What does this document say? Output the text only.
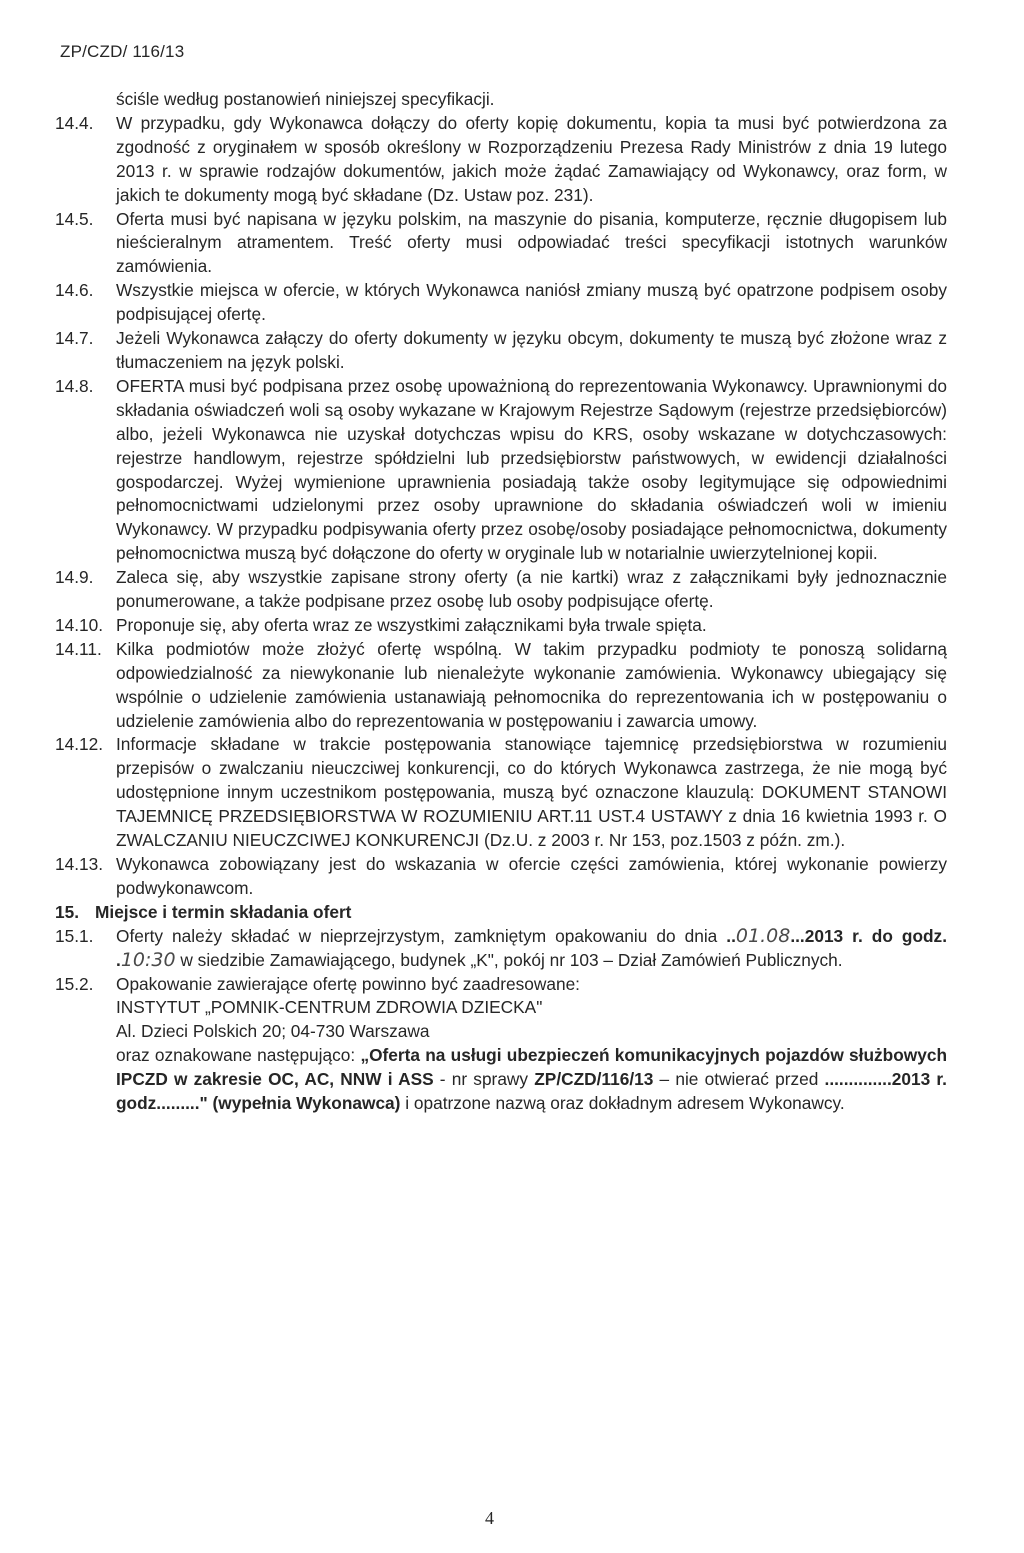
ZP/CZD/ 116/13
ściśle według postanowień niniejszej specyfikacji.
14.4.	W przypadku, gdy Wykonawca dołączy do oferty kopię dokumentu, kopia ta musi być potwierdzona za zgodność z oryginałem w sposób określony w Rozporządzeniu Prezesa Rady Ministrów z dnia 19 lutego 2013 r. w sprawie rodzajów dokumentów, jakich może żądać Zamawiający od Wykonawcy, oraz form, w jakich te dokumenty mogą być składane (Dz. Ustaw poz. 231).
14.5.	Oferta musi być napisana w języku polskim, na maszynie do pisania, komputerze, ręcznie długopisem lub nieścieralnym atramentem. Treść oferty musi odpowiadać treści specyfikacji istotnych warunków zamówienia.
14.6.	Wszystkie miejsca w ofercie, w których Wykonawca naniósł zmiany muszą być opatrzone podpisem osoby podpisującej ofertę.
14.7.	Jeżeli Wykonawca załączy do oferty dokumenty w języku obcym, dokumenty te muszą być złożone wraz z tłumaczeniem na język polski.
14.8.	OFERTA musi być podpisana przez osobę upoważnioną do reprezentowania Wykonawcy. Uprawnionymi do składania oświadczeń woli są osoby wykazane w Krajowym Rejestrze Sądowym (rejestrze przedsiębiorców) albo, jeżeli Wykonawca nie uzyskał dotychczas wpisu do KRS, osoby wskazane w dotychczasowych: rejestrze handlowym, rejestrze spółdzielni lub przedsiębiorstw państwowych, w ewidencji działalności gospodarczej. Wyżej wymienione uprawnienia posiadają także osoby legitymujące się odpowiednimi pełnomocnictwami udzielonymi przez osoby uprawnione do składania oświadczeń woli w imieniu Wykonawcy. W przypadku podpisywania oferty przez osobę/osoby posiadające pełnomocnictwa, dokumenty pełnomocnictwa muszą być dołączone do oferty w oryginale lub w notarialnie uwierzytelnionej kopii.
14.9.	Zaleca się, aby wszystkie zapisane strony oferty (a nie kartki) wraz z załącznikami były jednoznacznie ponumerowane, a także podpisane przez osobę lub osoby podpisujące ofertę.
14.10. Proponuje się, aby oferta wraz ze wszystkimi załącznikami była trwale spięta.
14.11. Kilka podmiotów może złożyć ofertę wspólną. W takim przypadku podmioty te ponoszą solidarną odpowiedzialność za niewykonanie lub nienależyte wykonanie zamówienia. Wykonawcy ubiegający się wspólnie o udzielenie zamówienia ustanawiają pełnomocnika do reprezentowania ich w postępowaniu o udzielenie zamówienia albo do reprezentowania w postępowaniu i zawarcia umowy.
14.12. Informacje składane w trakcie postępowania stanowiące tajemnicę przedsiębiorstwa w rozumieniu przepisów o zwalczaniu nieuczciwej konkurencji, co do których Wykonawca zastrzega, że nie mogą być udostępnione innym uczestnikom postępowania, muszą być oznaczone klauzulą: DOKUMENT STANOWI TAJEMNICĘ PRZEDSIĘBIORSTWA W ROZUMIENIU ART.11 UST.4 USTAWY z dnia 16 kwietnia 1993 r. O ZWALCZANIU NIEUCZCIWEJ KONKURENCJI (Dz.U. z 2003 r. Nr 153, poz.1503 z późn. zm.).
14.13. Wykonawca zobowiązany jest do wskazania w ofercie części zamówienia, której wykonanie powierzy podwykonawcom.
15. Miejsce i termin składania ofert
15.1.	Oferty należy składać w nieprzejrzystym, zamkniętym opakowaniu do dnia ..01.08...2013 r. do godz. .10:30 w siedzibie Zamawiającego, budynek „K", pokój nr 103 – Dział Zamówień Publicznych.
15.2.	Opakowanie zawierające ofertę powinno być zaadresowane:
INSTYTUT „POMNIK-CENTRUM ZDROWIA DZIECKA"
Al. Dzieci Polskich 20; 04-730 Warszawa
oraz oznakowane następująco: „Oferta na usługi ubezpieczeń komunikacyjnych pojazdów służbowych IPCZD w zakresie OC, AC, NNW i ASS - nr sprawy ZP/CZD/116/13 – nie otwierać przed ..............2013 r. godz........." (wypełnia Wykonawca) i opatrzone nazwą oraz dokładnym adresem Wykonawcy.
4
